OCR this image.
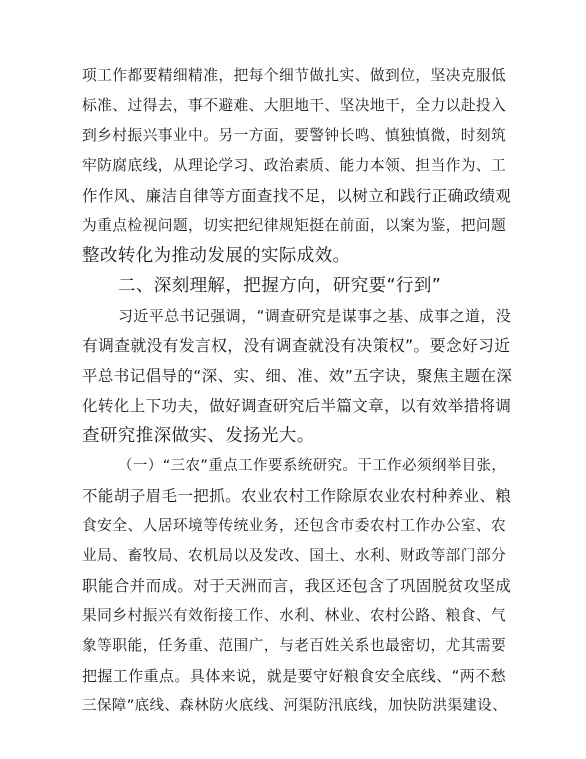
项工作都要精细精准，把每个细节做扎实、做到位，坚决克服低
标准、过得去，事不避难、大胆地干、坚决地干，全力以赴投入
到乡村振兴事业中。另一方面，要警钟长鸣、慎独慎微，时刻筑
牢防腐底线，从理论学习、政治素质、能力本领、担当作为、工
作作风、廉洁自律等方面查找不足，以树立和践行正确政绩观
为重点检视问题，切实把纪律规矩挺在前面，以案为鉴，把问题
整改转化为推动发展的实际成效。
二、深刻理解，把握方向，研究要“行到”
习近平总书记强调，“调查研究是谋事之基、成事之道，没
有调查就没有发言权，没有调查就没有决策权”。要念好习近
平总书记倡导的“深、实、细、准、效”五字诀，聚焦主题在深
化转化上下功夫，做好调查研究后半篇文章，以有效举措将调
查研究推深做实、发扬光大。
（一）“三农”重点工作要系统研究。干工作必须纲举目张，
不能胡子眉毛一把抓。农业农村工作除原农业农村种养业、粮
食安全、人居环境等传统业务，还包含市委农村工作办公室、农
业局、畜牧局、农机局以及发改、国土、水利、财政等部门部分
职能合并而成。对于天洲而言，我区还包含了巩固脱贫攻坚成
果同乡村振兴有效衔接工作、水利、林业、农村公路、粮食、气
象等职能，任务重、范围广，与老百姓关系也最密切，尤其需要
把握工作重点。具体来说，就是要守好粮食安全底线、“两不愁
三保障”底线、森林防火底线、河渠防汛底线，加快防洪渠建设、
